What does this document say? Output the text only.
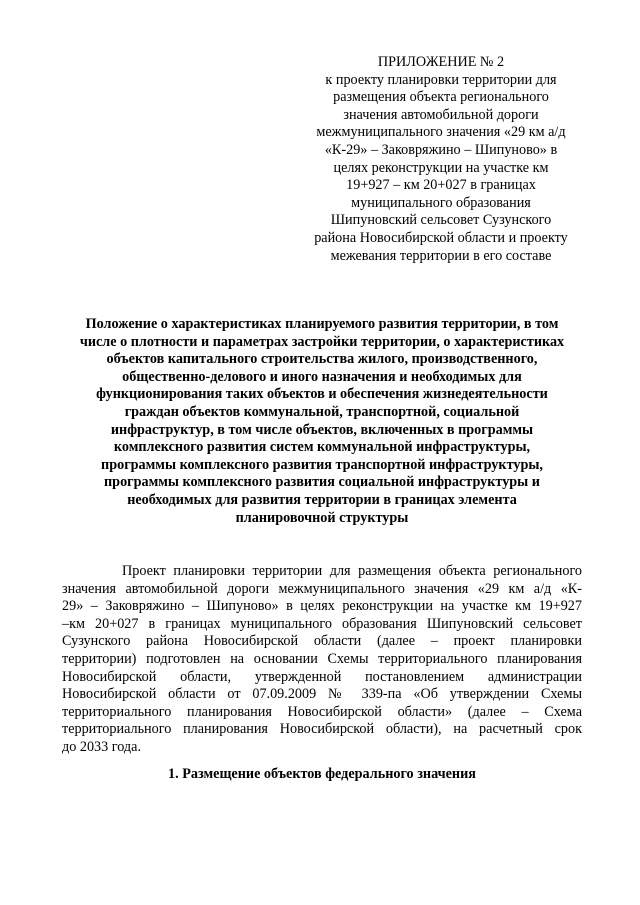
ПРИЛОЖЕНИЕ № 2
к проекту планировки территории для
размещения объекта регионального
значения автомобильной дороги
межмуниципального значения «29 км а/д
«К-29» – Заковряжино – Шипуново» в
целях реконструкции на участке км
19+927 – км 20+027 в границах
муниципального образования
Шипуновский сельсовет Сузунского
района Новосибирской области и проекту
межевания территории в его составе
Положение о характеристиках планируемого развития территории, в том
числе о плотности и параметрах застройки территории, о характеристиках
объектов капитального строительства жилого, производственного,
общественно-делового и иного назначения и необходимых для
функционирования таких объектов и обеспечения жизнедеятельности
граждан объектов коммунальной, транспортной, социальной
инфраструктур, в том числе объектов, включенных в программы
комплексного развития систем коммунальной инфраструктуры,
программы комплексного развития транспортной инфраструктуры,
программы комплексного развития социальной инфраструктуры и
необходимых для развития территории в границах элемента
планировочной структуры
Проект планировки территории для размещения объекта регионального
значения автомобильной дороги межмуниципального значения «29 км а/д «К-
29» – Заковряжино – Шипуново» в целях реконструкции на участке км 19+927
–км 20+027 в границах муниципального образования Шипуновский сельсовет
Сузунского района Новосибирской области (далее – проект планировки
территории) подготовлен на основании Схемы территориального планирования
Новосибирской области, утвержденной постановлением администрации
Новосибирской области от 07.09.2009 № 339-па «Об утверждении Схемы
территориального планирования Новосибирской области» (далее – Схема
территориального планирования Новосибирской области), на расчетный срок
до 2033 года.
1. Размещение объектов федерального значения
